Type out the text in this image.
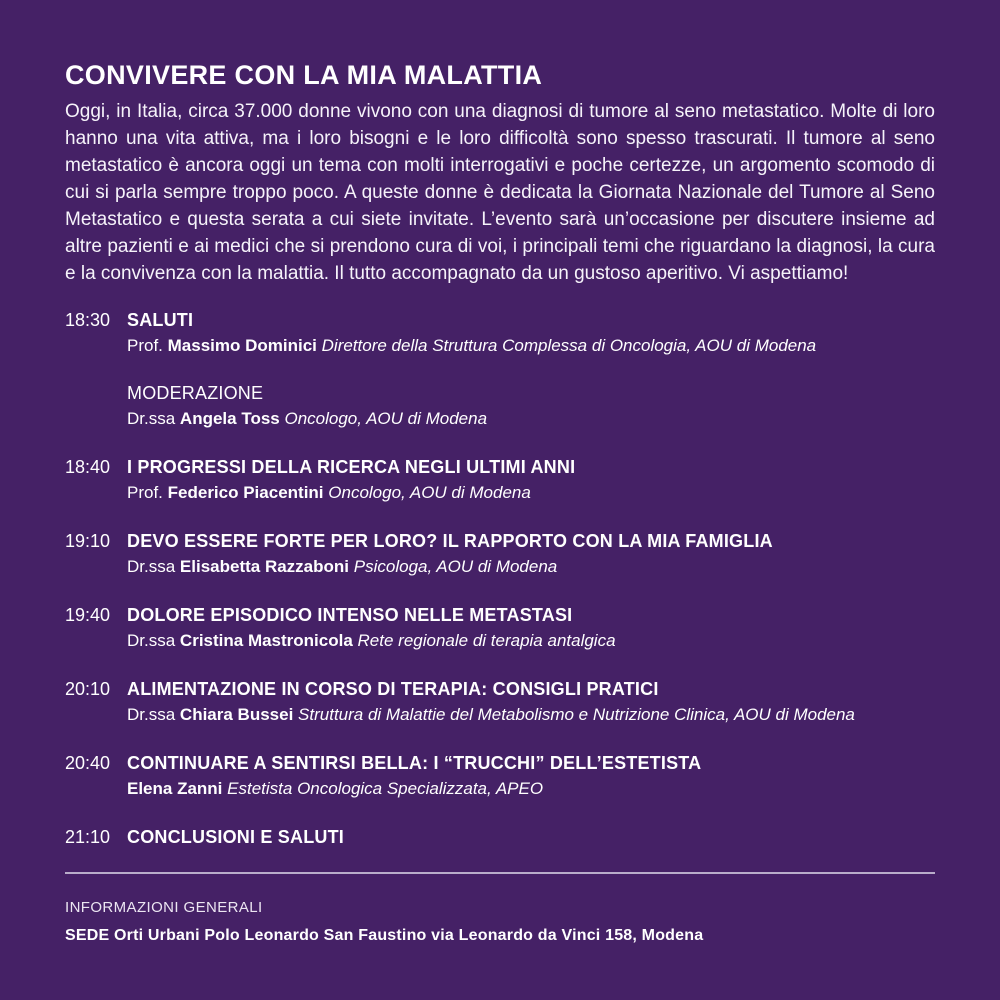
CONVIVERE CON LA MIA MALATTIA

Oggi, in Italia, circa 37.000 donne vivono con una diagnosi di tumore al seno metastatico. Molte di loro hanno una vita attiva, ma i loro bisogni e le loro difficoltà sono spesso trascurati. Il tumore al seno metastatico è ancora oggi un tema con molti interrogativi e poche certezze, un argomento scomodo di cui si parla sempre troppo poco. A queste donne è dedicata la Giornata Nazionale del Tumore al Seno Metastatico e questa serata a cui siete invitate. L’evento sarà un’occasione per discutere insieme ad altre pazienti e ai medici che si prendono cura di voi, i principali temi che riguardano la diagnosi, la cura e la convivenza con la malattia. Il tutto accompagnato da un gustoso aperitivo. Vi aspettiamo!

18:30 SALUTI

Prof. Massimo Dominici Direttore della Struttura Complessa di Oncologia, AOU di Modena

MODERAZIONE

Dr.ssa Angela Toss Oncologo, AOU di Modena

18:40 I PROGRESSI DELLA RICERCA NEGLI ULTIMI ANNI

Prof. Federico Piacentini Oncologo, AOU di Modena

19:10 DEVO ESSERE FORTE PER LORO? IL RAPPORTO CON LA MIA FAMIGLIA

Dr.ssa Elisabetta Razzaboni Psicologa, AOU di Modena

19:40 DOLORE EPISODICO INTENSO NELLE METASTASI

Dr.ssa Cristina Mastronicola Rete regionale di terapia antalgica

20:10 ALIMENTAZIONE IN CORSO DI TERAPIA: CONSIGLI PRATICI

Dr.ssa Chiara Bussei Struttura di Malattie del Metabolismo e Nutrizione Clinica, AOU di Modena

20:40 CONTINUARE A SENTIRSI BELLA: I “TRUCCHI” DELL’ESTETISTA

Elena Zanni Estetista Oncologica Specializzata, APEO

21:10 CONCLUSIONI E SALUTI
INFORMAZIONI GENERALI
SEDE Orti Urbani Polo Leonardo San Faustino via Leonardo da Vinci 158, Modena
